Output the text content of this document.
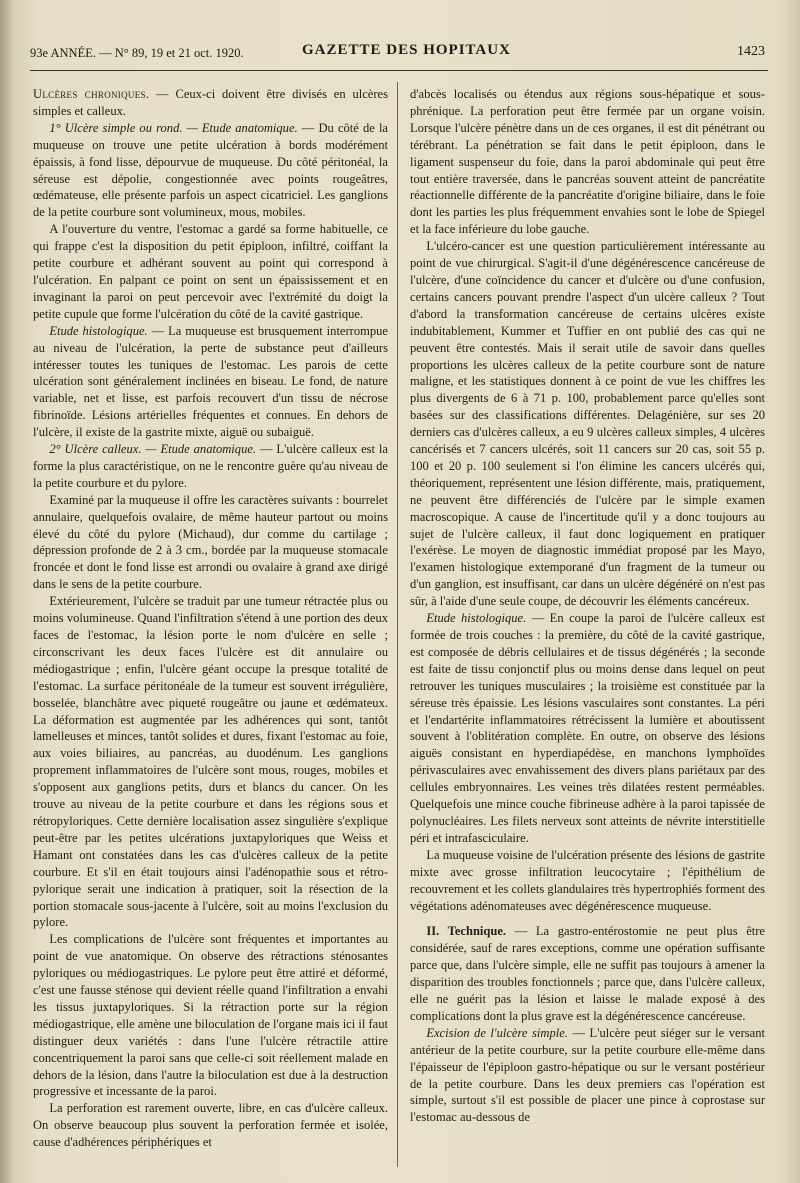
93e ANNÉE. — N° 89, 19 et 21 oct. 1920.	GAZETTE DES HOPITAUX	1423

Ulcères chroniques. — Ceux-ci doivent être divisés en ulcères simples et calleux.

1° Ulcère simple ou rond. — Etude anatomique. — Du côté de la muqueuse on trouve une petite ulcération à bords modérément épaissis, à fond lisse, dépourvue de muqueuse. Du côté péritonéal, la séreuse est dépolie, congestionnée avec points rougeâtres, œdémateuse, elle présente parfois un aspect cicatriciel. Les ganglions de la petite courbure sont volumineux, mous, mobiles.

A l'ouverture du ventre, l'estomac a gardé sa forme habituelle, ce qui frappe c'est la disposition du petit épiploon, infiltré, coiffant la petite courbure et adhérant souvent au point qui correspond à l'ulcération. En palpant ce point on sent un épaississement et en invaginant la paroi on peut percevoir avec l'extrémité du doigt la petite cupule que forme l'ulcération du côté de la cavité gastrique.

Etude histologique. — La muqueuse est brusquement interrompue au niveau de l'ulcération, la perte de substance peut d'ailleurs intéresser toutes les tuniques de l'estomac. Les parois de cette ulcération sont généralement inclinées en biseau. Le fond, de nature variable, net et lisse, est parfois recouvert d'un tissu de nécrose fibrinoïde. Lésions artérielles fréquentes et connues. En dehors de l'ulcère, il existe de la gastrite mixte, aiguë ou subaiguë.

2° Ulcère calleux. — Etude anatomique. — L'ulcère calleux est la forme la plus caractéristique, on ne le rencontre guère qu'au niveau de la petite courbure et du pylore.

Examiné par la muqueuse il offre les caractères suivants : bourrelet annulaire, quelquefois ovalaire, de même hauteur partout ou moins élevé du côté du pylore (Michaud), dur comme du cartilage ; dépression profonde de 2 à 3 cm., bordée par la muqueuse stomacale froncée et dont le fond lisse est arrondi ou ovalaire à grand axe dirigé dans le sens de la petite courbure.

Extérieurement, l'ulcère se traduit par une tumeur rétractée plus ou moins volumineuse. Quand l'infiltration s'étend à une portion des deux faces de l'estomac, la lésion porte le nom d'ulcère en selle ; circonscrivant les deux faces l'ulcère est dit annulaire ou médiogastrique ; enfin, l'ulcère géant occupe la presque totalité de l'estomac. La surface péritonéale de la tumeur est souvent irrégulière, bosselée, blanchâtre avec piqueté rougeâtre ou jaune et œdémateux. La déformation est augmentée par les adhérences qui sont, tantôt lamelleuses et minces, tantôt solides et dures, fixant l'estomac au foie, aux voies biliaires, au pancréas, au duodénum. Les ganglions proprement inflammatoires de l'ulcère sont mous, rouges, mobiles et s'opposent aux ganglions petits, durs et blancs du cancer. On les trouve au niveau de la petite courbure et dans les régions sous et rétropyloriques. Cette dernière localisation assez singulière s'explique peut-être par les petites ulcérations juxtapyloriques que Weiss et Hamant ont constatées dans les cas d'ulcères calleux de la petite courbure. Et s'il en était toujours ainsi l'adénopathie sous et rétro-pylorique serait une indication à pratiquer, soit la résection de la portion stomacale sous-jacente à l'ulcère, soit au moins l'exclusion du pylore.

Les complications de l'ulcère sont fréquentes et importantes au point de vue anatomique. On observe des rétractions sténosantes pyloriques ou médiogastriques. Le pylore peut être attiré et déformé, c'est une fausse sténose qui devient réelle quand l'infiltration a envahi les tissus juxtapyloriques. Si la rétraction porte sur la région médiogastrique, elle amène une biloculation de l'organe mais ici il faut distinguer deux variétés : dans l'une l'ulcère rétractile attire concentriquement la paroi sans que celle-ci soit réellement malade en dehors de la lésion, dans l'autre la biloculation est due à la destruction progressive et incessante de la paroi.

La perforation est rarement ouverte, libre, en cas d'ulcère calleux. On observe beaucoup plus souvent la perforation fermée et isolée, cause d'adhérences périphériques et

d'abcès localisés ou étendus aux régions sous-hépatique et sous-phrénique. La perforation peut être fermée par un organe voisin. Lorsque l'ulcère pénètre dans un de ces organes, il est dit pénétrant ou térébrant. La pénétration se fait dans le petit épiploon, dans le ligament suspenseur du foie, dans la paroi abdominale qui peut être tout entière traversée, dans le pancréas souvent atteint de pancréatite réactionnelle différente de la pancréatite d'origine biliaire, dans le foie dont les parties les plus fréquemment envahies sont le lobe de Spiegel et la face inférieure du lobe gauche.

L'ulcéro-cancer est une question particulièrement intéressante au point de vue chirurgical. S'agit-il d'une dégénérescence cancéreuse de l'ulcère, d'une coïncidence du cancer et d'ulcère ou d'une confusion, certains cancers pouvant prendre l'aspect d'un ulcère calleux ? Tout d'abord la transformation cancéreuse de certains ulcères existe indubitablement, Kummer et Tuffier en ont publié des cas qui ne peuvent être contestés. Mais il serait utile de savoir dans quelles proportions les ulcères calleux de la petite courbure sont de nature maligne, et les statistiques donnent à ce point de vue les chiffres les plus divergents de 6 à 71 p. 100, probablement parce qu'elles sont basées sur des classifications différentes. Delagénière, sur ses 20 derniers cas d'ulcères calleux, a eu 9 ulcères calleux simples, 4 ulcères cancérisés et 7 cancers ulcérés, soit 11 cancers sur 20 cas, soit 55 p. 100 et 20 p. 100 seulement si l'on élimine les cancers ulcérés qui, théoriquement, représentent une lésion différente, mais, pratiquement, ne peuvent être différenciés de l'ulcère par le simple examen macroscopique. A cause de l'incertitude qu'il y a donc toujours au sujet de l'ulcère calleux, il faut donc logiquement en pratiquer l'exérèse. Le moyen de diagnostic immédiat proposé par les Mayo, l'examen histologique extemporané d'un fragment de la tumeur ou d'un ganglion, est insuffisant, car dans un ulcère dégénéré on n'est pas sûr, à l'aide d'une seule coupe, de découvrir les éléments cancéreux.

Etude histologique. — En coupe la paroi de l'ulcère calleux est formée de trois couches : la première, du côté de la cavité gastrique, est composée de débris cellulaires et de tissus dégénérés ; la seconde est faite de tissu conjonctif plus ou moins dense dans lequel on peut retrouver les tuniques musculaires ; la troisième est constituée par la séreuse très épaissie. Les lésions vasculaires sont constantes. La péri et l'endartérite inflammatoires rétrécissent la lumière et aboutissent souvent à l'oblitération complète. En outre, on observe des lésions aiguës consistant en hyperdiapédèse, en manchons lymphoïdes périvasculaires avec envahissement des divers plans pariétaux par des cellules embryonnaires. Les veines très dilatées restent perméables. Quelquefois une mince couche fibrineuse adhère à la paroi tapissée de polynucléaires. Les filets nerveux sont atteints de névrite interstitielle péri et intrafasciculaire.

La muqueuse voisine de l'ulcération présente des lésions de gastrite mixte avec grosse infiltration leucocytaire ; l'épithélium de recouvrement et les collets glandulaires très hypertrophiés forment des végétations adénomateuses avec dégénérescence muqueuse.

II. Technique. — La gastro-entérostomie ne peut plus être considérée, sauf de rares exceptions, comme une opération suffisante parce que, dans l'ulcère simple, elle ne suffit pas toujours à amener la disparition des troubles fonctionnels ; parce que, dans l'ulcère calleux, elle ne guérit pas la lésion et laisse le malade exposé à des complications dont la plus grave est la dégénérescence cancéreuse.

Excision de l'ulcère simple. — L'ulcère peut siéger sur le versant antérieur de la petite courbure, sur la petite courbure elle-même dans l'épaisseur de l'épiploon gastro-hépatique ou sur le versant postérieur de la petite courbure. Dans les deux premiers cas l'opération est simple, surtout s'il est possible de placer une pince à coprostase sur l'estomac au-dessous de
